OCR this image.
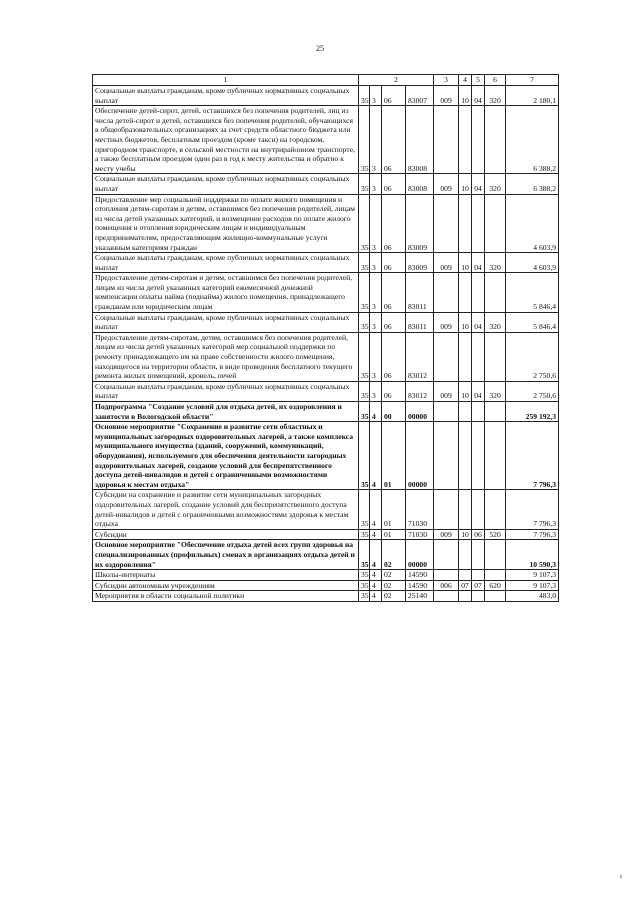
25
1	2				3	4	5	6	7
Социальные выплаты гражданам, кроме публичных нормативных социальных выплат	35	3	06	83007	009	10	04	320	2 180,1
Обеспечение детей-сирот, детей, оставшихся без попечения родителей, лиц из числа детей-сирот и детей, оставшихся без попечения родителей, обучающихся в общеобразовательных организациях за счет средств областного бюджета или местных бюджетов, бесплатным проездом (кроме такси) на городском, пригородном транспорте, в сельской местности на внутрирайонном транспорте, а также бесплатным проездом один раз в год к месту жительства и обратно к месту учебы	35	3	06	83008					6 388,2
Социальные выплаты гражданам, кроме публичных нормативных социальных выплат	35	3	06	83008	009	10	04	320	6 388,2
Предоставление мер социальной поддержки по оплате жилого помещения и отопления детям-сиротам и детям, оставшимся без попечения родителей, лицам из числа детей указанных категорий, и возмещение расходов по оплате жилого помещения и отопления юридическим лицам и индивидуальным предпринимателям, предоставляющим жилищно-коммунальные услуги указанным категориям граждан	35	3	06	83009					4 603,9
Социальные выплаты гражданам, кроме публичных нормативных социальных выплат	35	3	06	83009	009	10	04	320	4 603,9
Предоставление детям-сиротам и детям, оставшимся без попечения родителей, лицам из числа детей указанных категорий ежемесячной денежной компенсации оплаты найма (поднайма) жилого помещения, принадлежащего гражданам или юридическим лицам	35	3	06	83011					5 846,4
Социальные выплаты гражданам, кроме публичных нормативных социальных выплат	35	3	06	83011	009	10	04	320	5 846,4
Предоставление детям-сиротам, детям, оставшимся без попечения родителей, лицам из числа детей указанных категорий мер социальной поддержки по ремонту принадлежащего им на праве собственности жилого помещения, находящегося на территории области, в виде проведения бесплатного текущего ремонта жилых помещений, кровель, печей	35	3	06	83012					2 750,6
Социальные выплаты гражданам, кроме публичных нормативных социальных выплат	35	3	06	83012	009	10	04	320	2 750,6
Подпрограмма "Создание условий для отдыха детей, их оздоровления и занятости в Вологодской области"	35	4	00	00000					259 192,3
Основное мероприятие "Сохранение и развитие сети областных и муниципальных загородных оздоровительных лагерей, а также комплекса муниципального имущества (зданий, сооружений, коммуникаций, оборудования), используемого для обеспечения деятельности загородных оздоровительных лагерей, создание условий для беспрепятственного доступа детей-инвалидов и детей с ограниченными возможностями здоровья к местам отдыха"	35	4	01	00000					7 796,3
Субсидии на сохранение и развитие сети муниципальных загородных оздоровительных лагерей, создание условий для беспрепятственного доступа детей-инвалидов и детей с ограниченными возможностями здоровья к местам отдыха	35	4	01	71030					7 796,3
Субсидии	35	4	01	71030	009	10	06	520	7 796,3
Основное мероприятие "Обеспечение отдыха детей всех групп здоровья на специализированных (профильных) сменах в организациях отдыха детей и их оздоровления"	35	4	02	00000					10 590,3
Школы-интернаты	35	4	02	14590					9 107,3
Субсидии автономным учреждениям	35	4	02	14590	006	07	07	620	9 107,3
Мероприятия в области социальной политики	35	4	02	25140					483,0
ı
